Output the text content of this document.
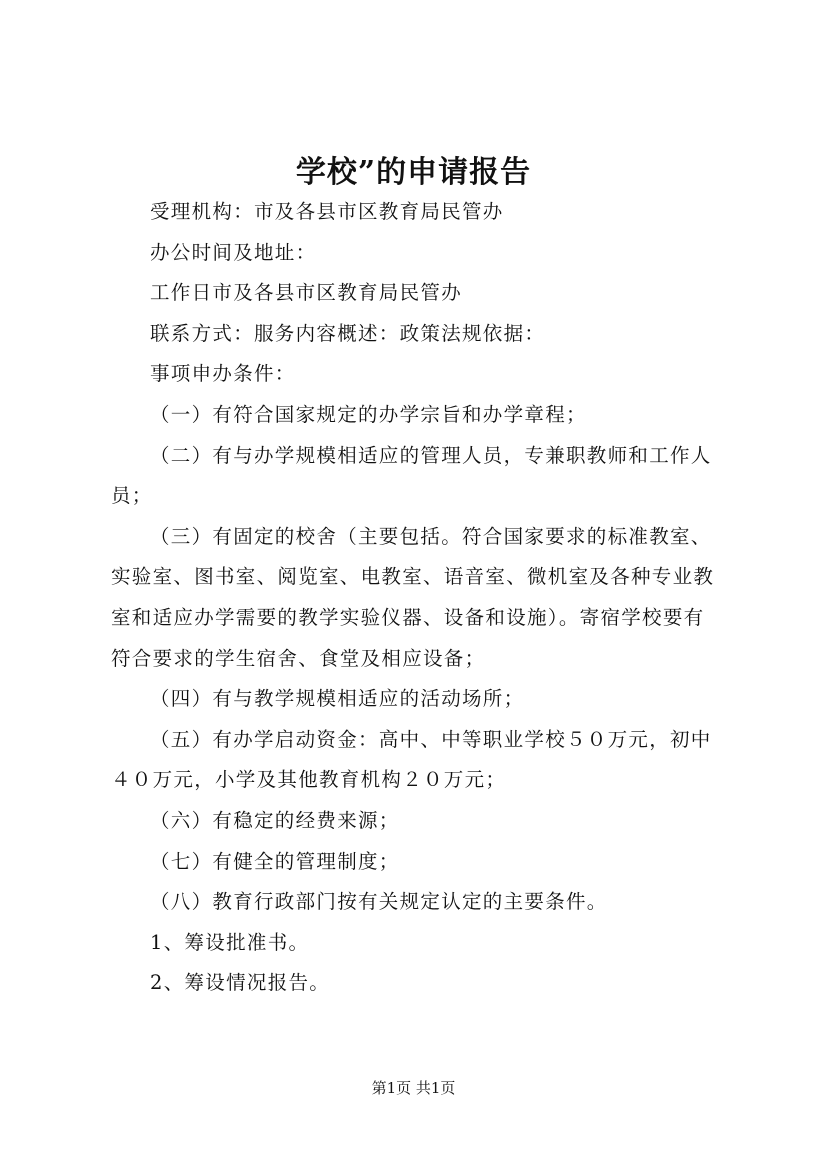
学校”的申请报告

受理机构：市及各县市区教育局民管办

办公时间及地址：

工作日市及各县市区教育局民管办

联系方式：服务内容概述：政策法规依据：

事项申办条件：

（一）有符合国家规定的办学宗旨和办学章程；

（二）有与办学规模相适应的管理人员，专兼职教师和工作人员；

（三）有固定的校舍（主要包括。符合国家要求的标准教室、实验室、图书室、阅览室、电教室、语音室、微机室及各种专业教室和适应办学需要的教学实验仪器、设备和设施）。寄宿学校要有符合要求的学生宿舍、食堂及相应设备；

（四）有与教学规模相适应的活动场所；

（五）有办学启动资金：高中、中等职业学校５０万元，初中４０万元，小学及其他教育机构２０万元；

（六）有稳定的经费来源；

（七）有健全的管理制度；

（八）教育行政部门按有关规定认定的主要条件。

1、筹设批准书。

2、筹设情况报告。

第1页 共1页
